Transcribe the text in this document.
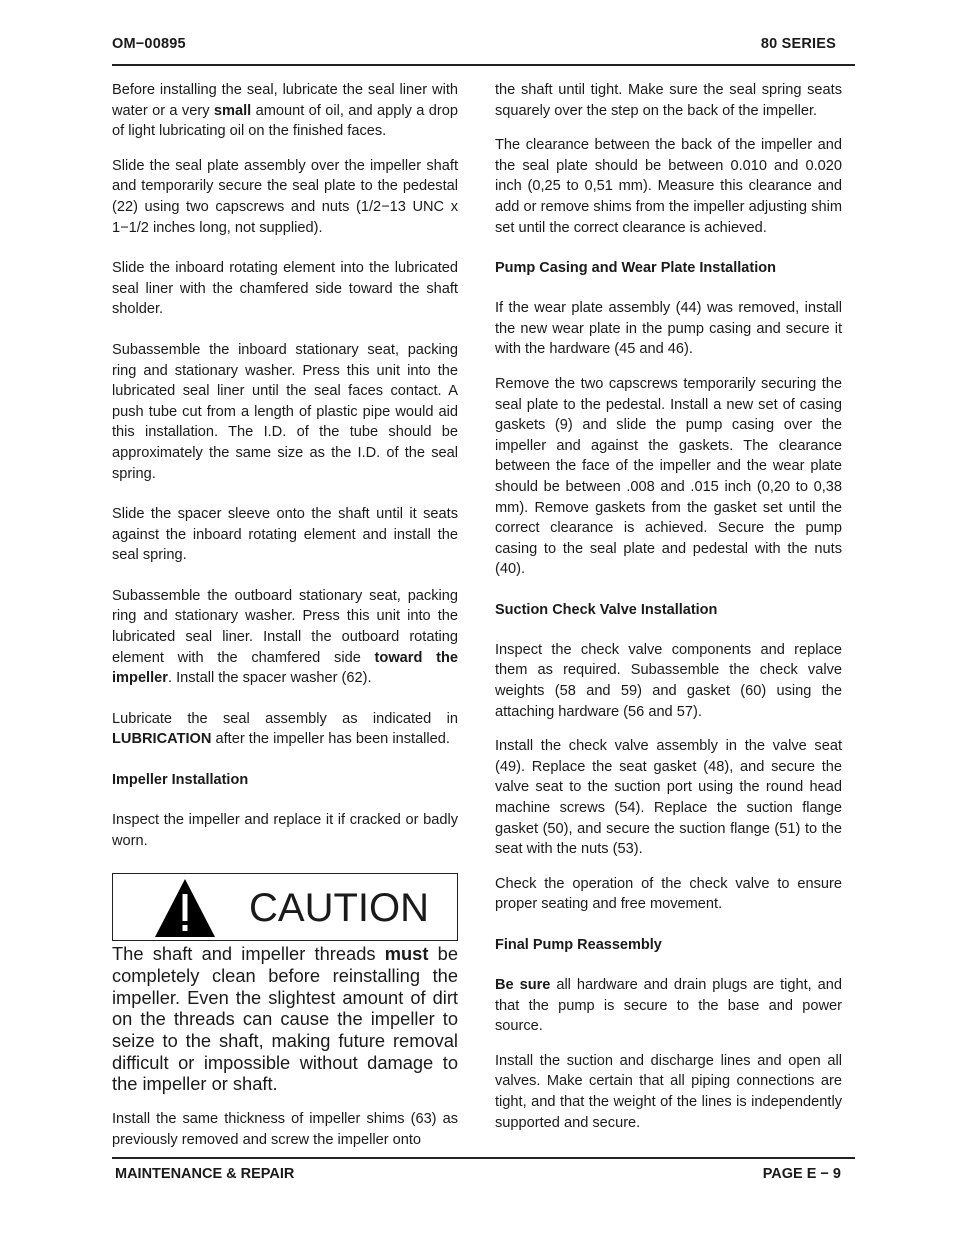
OM−00895	80 SERIES

Before installing the seal, lubricate the seal liner with water or a very small amount of oil, and apply a drop of light lubricating oil on the finished faces.

Slide the seal plate assembly over the impeller shaft and temporarily secure the seal plate to the pedestal (22) using two capscrews and nuts (1/2−13 UNC x 1−1/2 inches long, not supplied).

Slide the inboard rotating element into the lubricated seal liner with the chamfered side toward the shaft sholder.

Subassemble the inboard stationary seat, packing ring and stationary washer. Press this unit into the lubricated seal liner until the seal faces contact. A push tube cut from a length of plastic pipe would aid this installation. The I.D. of the tube should be approximately the same size as the I.D. of the seal spring.

Slide the spacer sleeve onto the shaft until it seats against the inboard rotating element and install the seal spring.

Subassemble the outboard stationary seat, packing ring and stationary washer. Press this unit into the lubricated seal liner. Install the outboard rotating element with the chamfered side toward the impeller. Install the spacer washer (62).

Lubricate the seal assembly as indicated in LUBRICATION after the impeller has been installed.

Impeller Installation

Inspect the impeller and replace it if cracked or badly worn.

CAUTION

The shaft and impeller threads must be completely clean before reinstalling the impeller. Even the slightest amount of dirt on the threads can cause the impeller to seize to the shaft, making future removal difficult or impossible without damage to the impeller or shaft.

Install the same thickness of impeller shims (63) as previously removed and screw the impeller onto

the shaft until tight. Make sure the seal spring seats squarely over the step on the back of the impeller.

The clearance between the back of the impeller and the seal plate should be between 0.010 and 0.020 inch (0,25 to 0,51 mm). Measure this clearance and add or remove shims from the impeller adjusting shim set until the correct clearance is achieved.

Pump Casing and Wear Plate Installation

If the wear plate assembly (44) was removed, install the new wear plate in the pump casing and secure it with the hardware (45 and 46).

Remove the two capscrews temporarily securing the seal plate to the pedestal. Install a new set of casing gaskets (9) and slide the pump casing over the impeller and against the gaskets. The clearance between the face of the impeller and the wear plate should be between .008 and .015 inch (0,20 to 0,38 mm). Remove gaskets from the gasket set until the correct clearance is achieved. Secure the pump casing to the seal plate and pedestal with the nuts (40).

Suction Check Valve Installation

Inspect the check valve components and replace them as required. Subassemble the check valve weights (58 and 59) and gasket (60) using the attaching hardware (56 and 57).

Install the check valve assembly in the valve seat (49). Replace the seat gasket (48), and secure the valve seat to the suction port using the round head machine screws (54). Replace the suction flange gasket (50), and secure the suction flange (51) to the seat with the nuts (53).

Check the operation of the check valve to ensure proper seating and free movement.

Final Pump Reassembly

Be sure all hardware and drain plugs are tight, and that the pump is secure to the base and power source.

Install the suction and discharge lines and open all valves. Make certain that all piping connections are tight, and that the weight of the lines is independently supported and secure.

MAINTENANCE & REPAIR	PAGE E − 9
